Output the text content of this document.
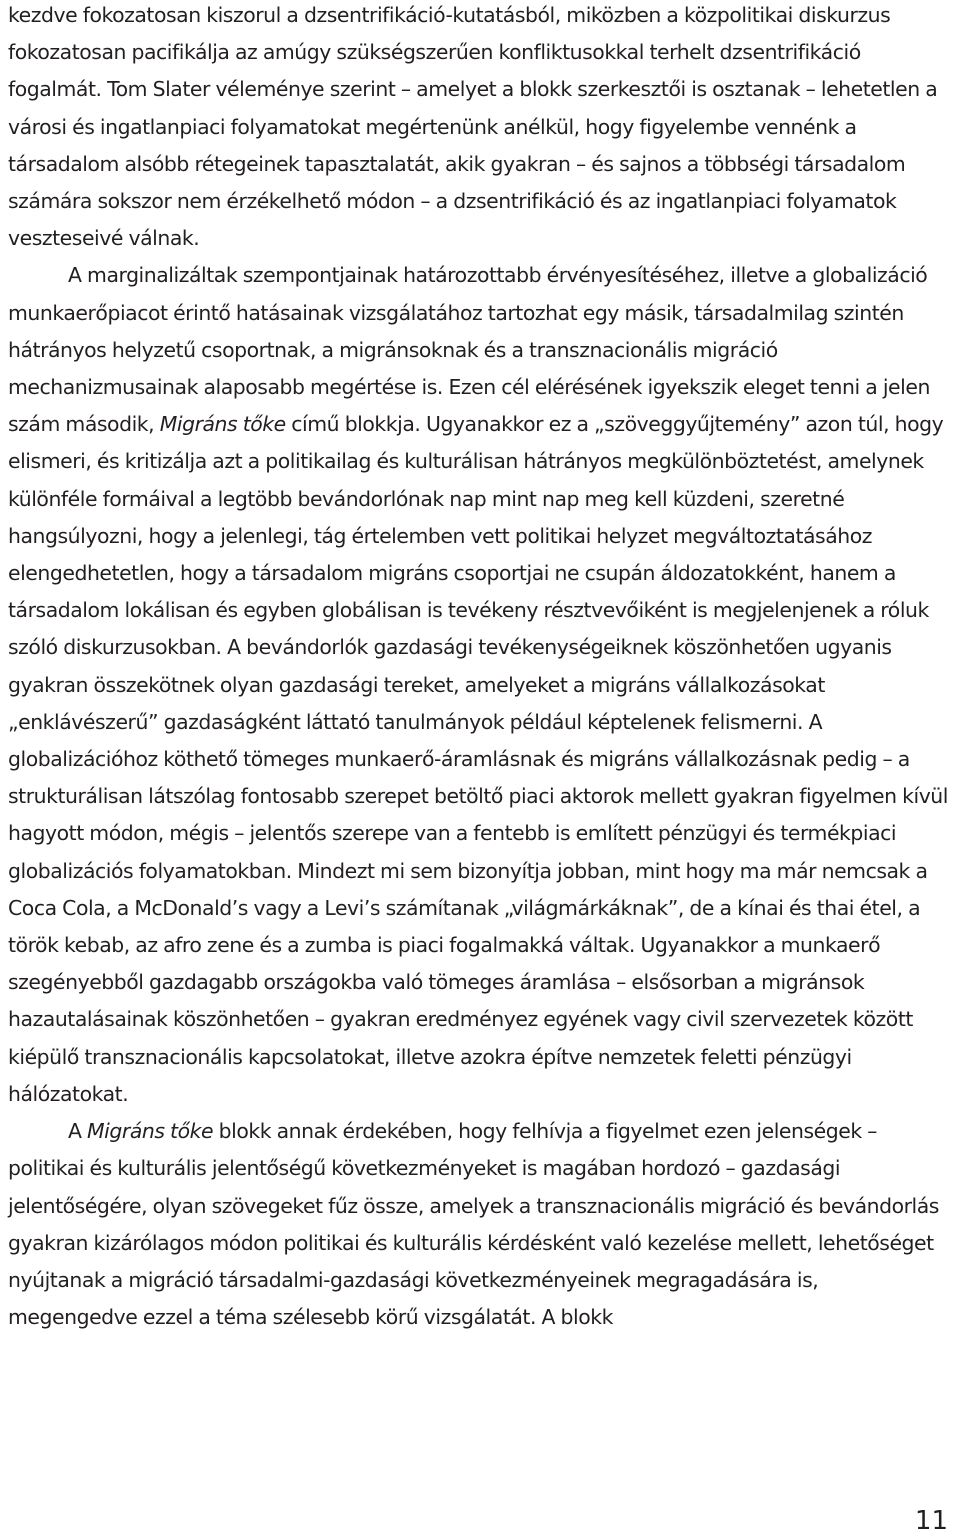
kezdve fokozatosan kiszorul a dzsentrifikáció-kutatásból, miközben a közpolitikai diskurzus fokozatosan pacifikálja az amúgy szükségszerűen konfliktusokkal terhelt dzsentrifikáció fogalmát. Tom Slater véleménye szerint – amelyet a blokk szerkesztői is osztanak – lehetetlen a városi és ingatlanpiaci folyamatokat megértenünk anélkül, hogy figyelembe vennénk a társadalom alsóbb rétegeinek tapasztalatát, akik gyakran – és sajnos a többségi társadalom számára sokszor nem érzékelhető módon – a dzsentrifikáció és az ingatlanpiaci folyamatok veszteseivé válnak.

A marginalizáltak szempontjainak határozottabb érvényesítéséhez, illetve a globalizáció munkaerőpiacot érintő hatásainak vizsgálatához tartozhat egy másik, társadalmilag szintén hátrányos helyzetű csoportnak, a migránsoknak és a transznacionális migráció mechanizmusainak alaposabb megértése is. Ezen cél elérésének igyekszik eleget tenni a jelen szám második, Migráns tőke című blokkja. Ugyanakkor ez a „szöveggyűjtemény” azon túl, hogy elismeri, és kritizálja azt a politikailag és kulturálisan hátrányos megkülönböztetést, amelynek különféle formáival a legtöbb bevándorlónak nap mint nap meg kell küzdeni, szeretné hangsúlyozni, hogy a jelenlegi, tág értelemben vett politikai helyzet megváltoztatásához elengedhetetlen, hogy a társadalom migráns csoportjai ne csupán áldozatokként, hanem a társadalom lokálisan és egyben globálisan is tevékeny résztvevőiként is megjelenjenek a róluk szóló diskurzusokban. A bevándorlók gazdasági tevékenységeiknek köszönhetően ugyanis gyakran összekötnek olyan gazdasági tereket, amelyeket a migráns vállalkozásokat „enklávészerű” gazdaságként láttató tanulmányok például képtelenek felismerni. A globalizációhoz köthető tömeges munkaerő-áramlásnak és migráns vállalkozásnak pedig – a strukturálisan látszólag fontosabb szerepet betöltő piaci aktorok mellett gyakran figyelmen kívül hagyott módon, mégis – jelentős szerepe van a fentebb is említett pénzügyi és termékpiaci globalizációs folyamatokban. Mindezt mi sem bizonyítja jobban, mint hogy ma már nemcsak a Coca Cola, a McDonald’s vagy a Levi’s számítanak „világmárkáknak”, de a kínai és thai étel, a török kebab, az afro zene és a zumba is piaci fogalmakká váltak. Ugyanakkor a munkaerő szegényebből gazdagabb országokba való tömeges áramlása – elsősorban a migránsok hazautalásainak köszönhetően – gyakran eredményez egyének vagy civil szervezetek között kiépülő transznacionális kapcsolatokat, illetve azokra építve nemzetek feletti pénzügyi hálózatokat.

A Migráns tőke blokk annak érdekében, hogy felhívja a figyelmet ezen jelenségek – politikai és kulturális jelentőségű következményeket is magában hordozó – gazdasági jelentőségére, olyan szövegeket fűz össze, amelyek a transznacionális migráció és bevándorlás gyakran kizárólagos módon politikai és kulturális kérdésként való kezelése mellett, lehetőséget nyújtanak a migráció társadalmi-gazdasági következményeinek megragadására is, megengedve ezzel a téma szélesebb körű vizsgálatát. A blokk

11
